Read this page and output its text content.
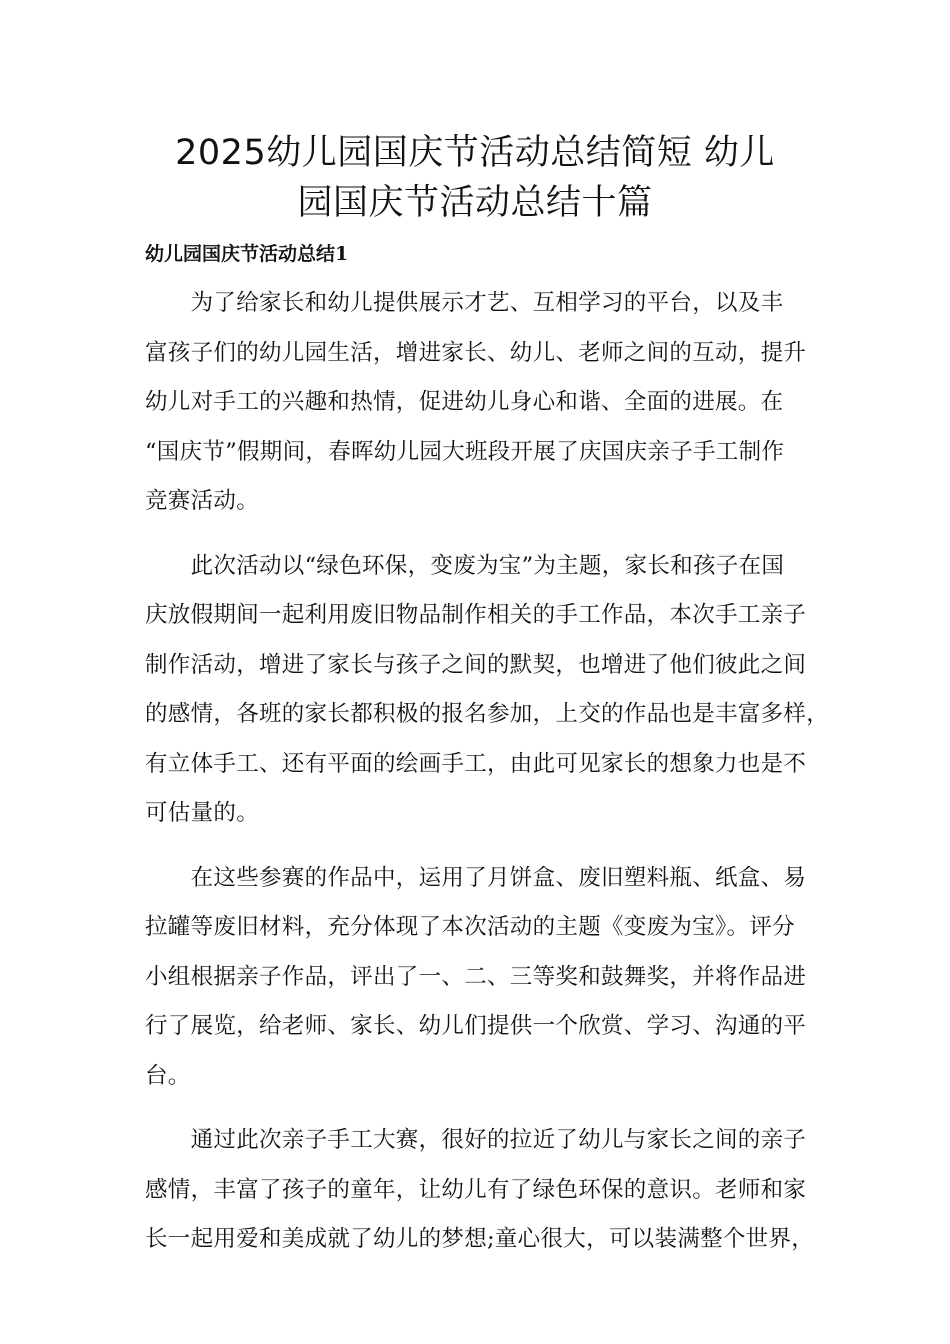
2025幼儿园国庆节活动总结简短 幼儿
园国庆节活动总结十篇
幼儿园国庆节活动总结1

　　为了给家长和幼儿提供展示才艺、互相学习的平台，以及丰
富孩子们的幼儿园生活，增进家长、幼儿、老师之间的互动，提升
幼儿对手工的兴趣和热情，促进幼儿身心和谐、全面的进展。在
“国庆节”假期间，春晖幼儿园大班段开展了庆国庆亲子手工制作
竞赛活动。

　　此次活动以“绿色环保，变废为宝”为主题，家长和孩子在国
庆放假期间一起利用废旧物品制作相关的手工作品，本次手工亲子
制作活动，增进了家长与孩子之间的默契，也增进了他们彼此之间
的感情，各班的家长都积极的报名参加，上交的作品也是丰富多样，
有立体手工、还有平面的绘画手工，由此可见家长的想象力也是不
可估量的。

　　在这些参赛的作品中，运用了月饼盒、废旧塑料瓶、纸盒、易
拉罐等废旧材料，充分体现了本次活动的主题《变废为宝》。评分
小组根据亲子作品，评出了一、二、三等奖和鼓舞奖，并将作品进
行了展览，给老师、家长、幼儿们提供一个欣赏、学习、沟通的平
台。

　　通过此次亲子手工大赛，很好的拉近了幼儿与家长之间的亲子
感情，丰富了孩子的童年，让幼儿有了绿色环保的意识。老师和家
长一起用爱和美成就了幼儿的梦想;童心很大，可以装满整个世界，
